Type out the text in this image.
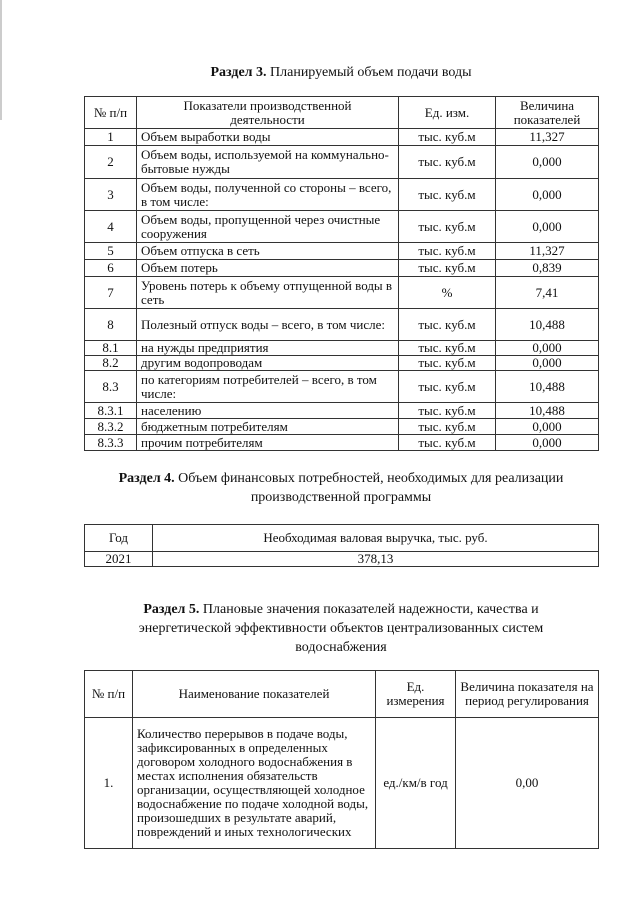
Раздел 3. Планируемый объем подачи воды
№ п/п	Показатели производственной деятельности	Ед. изм.	Величина показателей
1	Объем выработки воды	тыс. куб.м	11,327
2	Объем воды, используемой на коммунально-бытовые нужды	тыс. куб.м	0,000
3	Объем воды, полученной со стороны – всего, в том числе:	тыс. куб.м	0,000
4	Объем воды, пропущенной через очистные сооружения	тыс. куб.м	0,000
5	Объем отпуска в сеть	тыс. куб.м	11,327
6	Объем потерь	тыс. куб.м	0,839
7	Уровень потерь к объему отпущенной воды в сеть	%	7,41
8	Полезный отпуск воды – всего, в том числе:	тыс. куб.м	10,488
8.1	на нужды предприятия	тыс. куб.м	0,000
8.2	другим водопроводам	тыс. куб.м	0,000
8.3	по категориям потребителей – всего, в том числе:	тыс. куб.м	10,488
8.3.1	населению	тыс. куб.м	10,488
8.3.2	бюджетным потребителям	тыс. куб.м	0,000
8.3.3	прочим потребителям	тыс. куб.м	0,000
Раздел 4. Объем финансовых потребностей, необходимых для реализации производственной программы
Год	Необходимая валовая выручка, тыс. руб.
2021	378,13
Раздел 5. Плановые значения показателей надежности, качества и энергетической эффективности объектов централизованных систем водоснабжения
№ п/п	Наименование показателей	Ед. измерения	Величина показателя на период регулирования
1.	Количество перерывов в подаче воды, зафиксированных в определенных договором холодного водоснабжения в местах исполнения обязательств организации, осуществляющей холодное водоснабжение по подаче холодной воды, произошедших в результате аварий, повреждений и иных технологических	ед./км/в год	0,00
